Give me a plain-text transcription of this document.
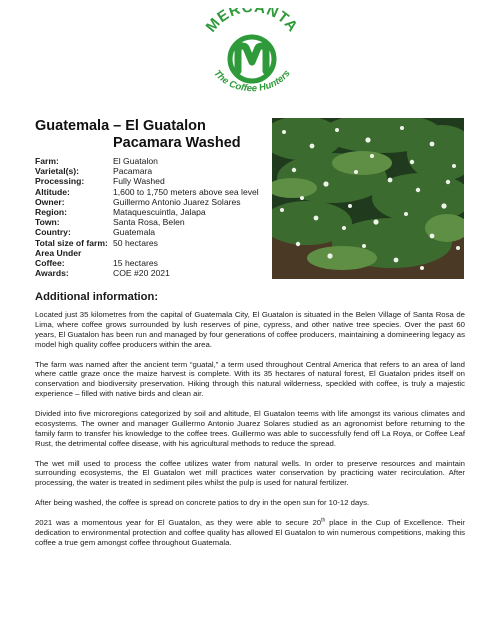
MER ANTA
The Coffee Hunters
Guatemala – El Guatalon
Pacamara Washed
Farm:	El Guatalon
Varietal(s):	Pacamara
Processing:	Fully Washed
Altitude:	1,600 to 1,750 meters above sea level
Owner:	Guillermo Antonio Juarez Solares
Region:	Mataquescuintla, Jalapa
Town:	Santa Rosa, Belen
Country:	Guatemala
Total size of farm: 50 hectares
Area Under
Coffee:	15 hectares
Awards:	COE #20 2021
Additional information:

Located just 35 kilometres from the capital of Guatemala City, El Guatalon is situated in the Belen Village of Santa Rosa de Lima, where coffee grows surrounded by lush reserves of pine, cypress, and other native tree species. Over the past 60 years, El Guatalon has been run and managed by four generations of coffee producers, maintaining a domineering legacy as model high quality coffee producers within the area.

The farm was named after the ancient term “guatal,” a term used throughout Central America that refers to an area of land where cattle graze once the maize harvest is complete. With its 35 hectares of natural forest, El Guatalon prides itself on conservation and biodiversity preservation. Hiking through this natural wilderness, speckled with coffee, is truly a majestic experience – filled with native birds and clean air.

Divided into five microregions categorized by soil and altitude, El Guatalon teems with life amongst its various climates and ecosystems. The owner and manager Guillermo Antonio Juarez Solares studied as an agronomist before returning to the family farm to transfer his knowledge to the coffee trees. Guillermo was able to successfully fend off La Roya, or Coffee Leaf Rust, the detrimental coffee disease, with his agricultural methods to reduce the spread.

The wet mill used to process the coffee utilizes water from natural wells. In order to preserve resources and maintain surrounding ecosystems, the El Guatalon wet mill practices water conservation by practicing water recirculation. After processing, the water is treated in sediment piles whilst the pulp is used for natural fertilizer.

After being washed, the coffee is spread on concrete patios to dry in the open sun for 10-12 days.

2021 was a momentous year for El Guatalon, as they were able to secure 20th place in the Cup of Excellence. Their dedication to environmental protection and coffee quality has allowed El Guatalon to win numerous competitions, making this coffee a true gem amongst coffee throughout Guatemala.
